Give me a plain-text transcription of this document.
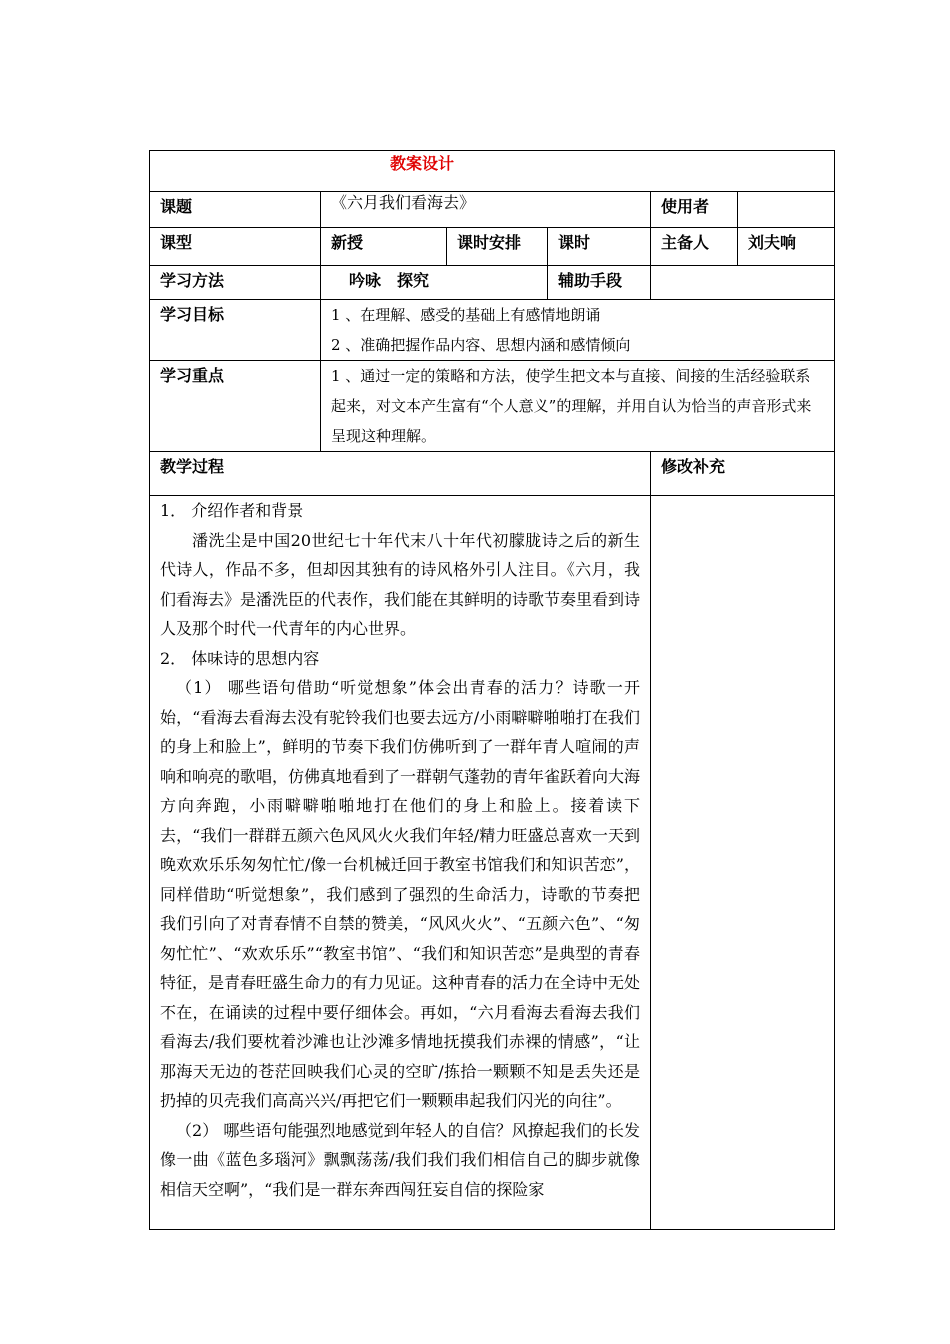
教案设计					
课题	《六月我们看海去》			使用者	
课型	新授	课时安排	课时	主备人	刘夫响
学习方法	吟咏　探究		辅助手段		
学习目标	1 、在理解、感受的基础上有感情地朗诵

2 、准确把握作品内容、思想内涵和感情倾向				

学习重点	1 、通过一定的策略和方法，使学生把文本与直接、间接的生活经验联系起来，对文本产生富有“个人意义”的理解，并用自认为恰当的声音形式来呈现这种理解。				

教学过程				修改补充	

1． 介绍作者和背景

潘洗尘是中国20世纪七十年代末八十年代初朦胧诗之后的新生代诗人，作品不多，但却因其独有的诗风格外引人注目。《六月，我们看海去》是潘洗臣的代表作，我们能在其鲜明的诗歌节奏里看到诗人及那个时代一代青年的内心世界。

2． 体味诗的思想内容

（1） 哪些语句借助“听觉想象”体会出青春的活力？诗歌一开始，“看海去看海去没有驼铃我们也要去远方/小雨噼噼啪啪打在我们的身上和脸上”，鲜明的节奏下我们仿佛听到了一群年青人喧闹的声响和响亮的歌唱，仿佛真地看到了一群朝气蓬勃的青年雀跃着向大海方向奔跑，小雨噼噼啪啪地打在他们的身上和脸上。接着读下去，“我们一群群五颜六色风风火火我们年轻/精力旺盛总喜欢一天到晚欢欢乐乐匆匆忙忙/像一台机械迁回于教室书馆我们和知识苦恋”，同样借助“听觉想象”，我们感到了强烈的生命活力，诗歌的节奏把我们引向了对青春情不自禁的赞美，“风风火火”、“五颜六色”、“匆匆忙忙”、“欢欢乐乐”“教室书馆”、“我们和知识苦恋”是典型的青春特征，是青春旺盛生命力的有力见证。这种青春的活力在全诗中无处不在，在诵读的过程中要仔细体会。再如，“六月看海去看海去我们看海去/我们要枕着沙滩也让沙滩多情地抚摸我们赤裸的情感”，“让那海天无边的苍茫回映我们心灵的空旷/拣拾一颗颗不知是丢失还是扔掉的贝壳我们高高兴兴/再把它们一颗颗串起我们闪光的向往”。

（2） 哪些语句能强烈地感觉到年轻人的自信？风撩起我们的长发像一曲《蓝色多瑙河》飘飘荡荡/我们我们我们相信自己的脚步就像相信天空啊”，“我们是一群东奔西闯狂妄自信的探险家					
